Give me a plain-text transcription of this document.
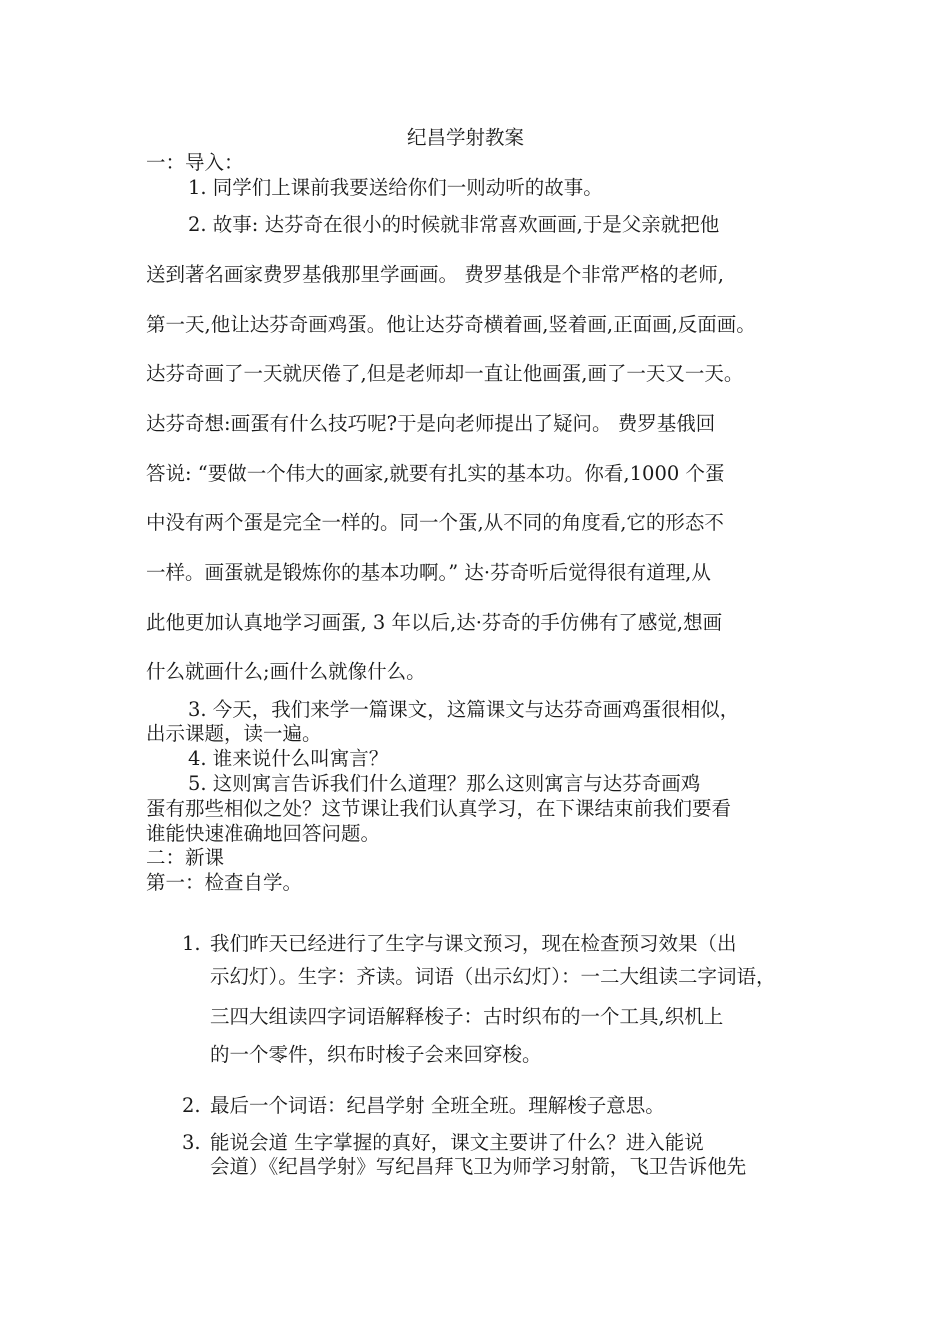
纪昌学射教案
一：导入：
1. 同学们上课前我要送给你们一则动听的故事。
2. 故事: 达芬奇在很小的时候就非常喜欢画画,于是父亲就把他
送到著名画家费罗基俄那里学画画。 费罗基俄是个非常严格的老师,
第一天,他让达芬奇画鸡蛋。他让达芬奇横着画,竖着画,正面画,反面画。
达芬奇画了一天就厌倦了,但是老师却一直让他画蛋,画了一天又一天。
达芬奇想:画蛋有什么技巧呢?于是向老师提出了疑问。 费罗基俄回
答说: “要做一个伟大的画家,就要有扎实的基本功。你看,1000 个蛋
中没有两个蛋是完全一样的。同一个蛋,从不同的角度看,它的形态不
一样。画蛋就是锻炼你的基本功啊。” 达·芬奇听后觉得很有道理,从
此他更加认真地学习画蛋, 3 年以后,达·芬奇的手仿佛有了感觉,想画
什么就画什么;画什么就像什么。
3. 今天，我们来学一篇课文，这篇课文与达芬奇画鸡蛋很相似，
出示课题，读一遍。
4. 谁来说什么叫寓言？
5. 这则寓言告诉我们什么道理？那么这则寓言与达芬奇画鸡
蛋有那些相似之处？这节课让我们认真学习，在下课结束前我们要看
谁能快速准确地回答问题。
二：新课
第一：检查自学。
1. 我们昨天已经进行了生字与课文预习，现在检查预习效果（出
示幻灯）。生字：齐读。词语（出示幻灯）：一二大组读二字词语，
三四大组读四字词语解释梭子：古时织布的一个工具,织机上
的一个零件，织布时梭子会来回穿梭。
2. 最后一个词语：纪昌学射 全班全班。理解梭子意思。
3. 能说会道 生字掌握的真好，课文主要讲了什么？进入能说
会道）《纪昌学射》写纪昌拜飞卫为师学习射箭，飞卫告诉他先
